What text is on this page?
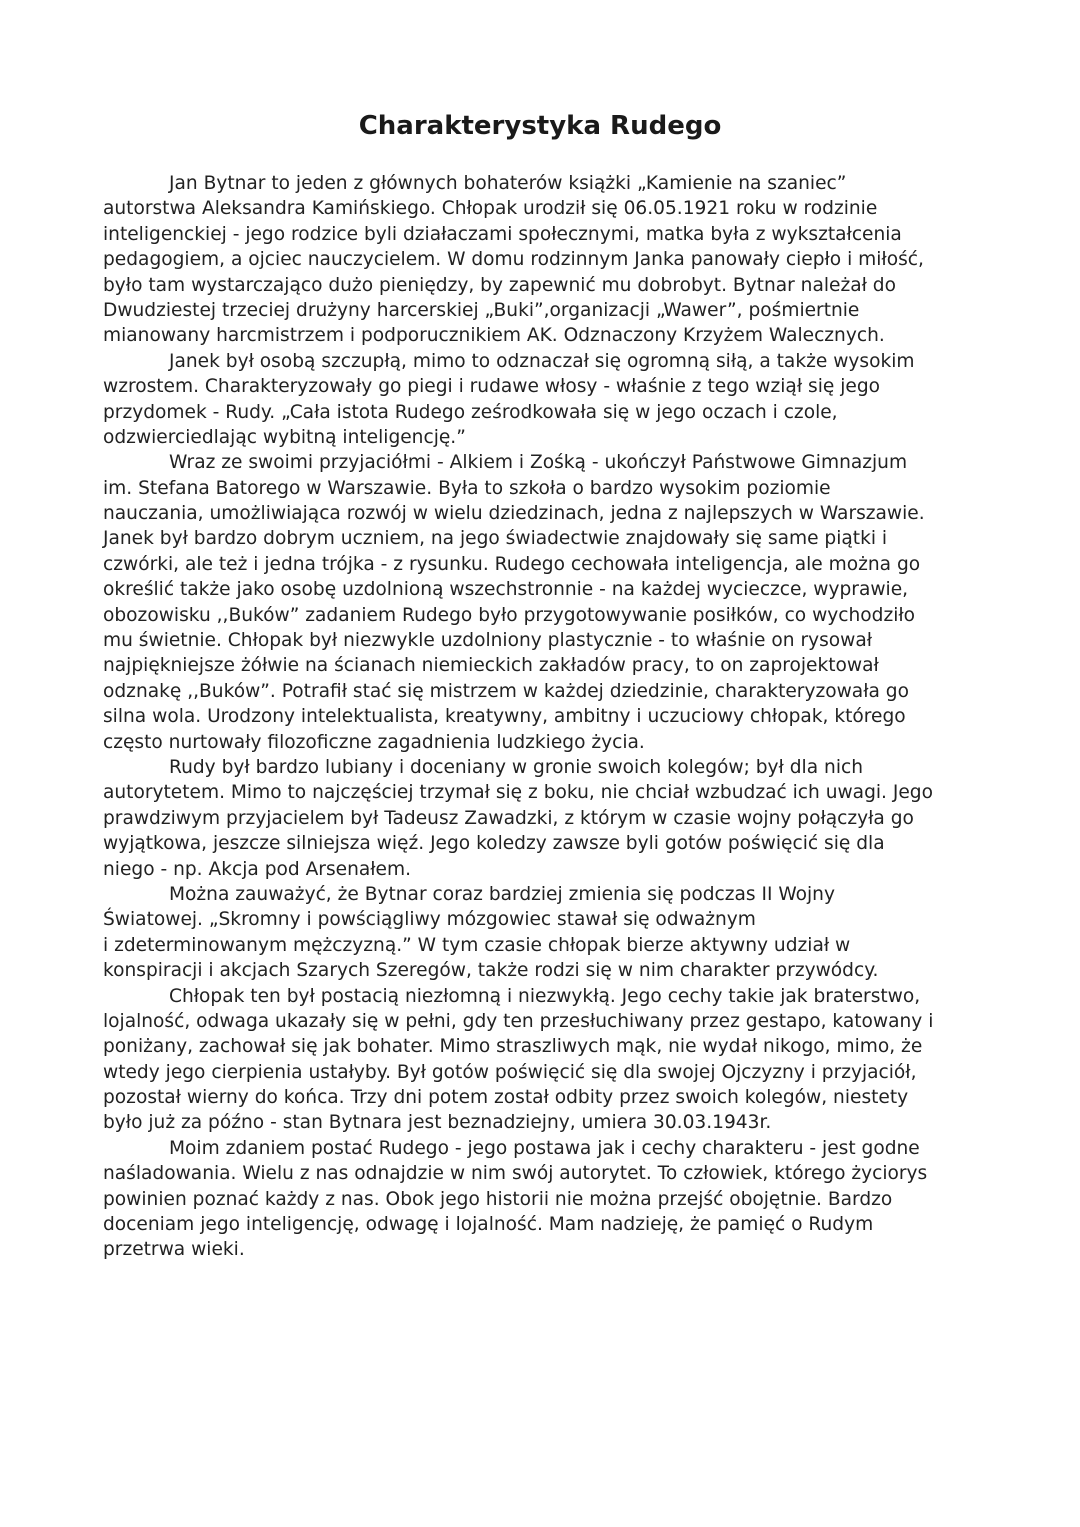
Charakterystyka Rudego
Jan Bytnar to jeden z głównych bohaterów książki „Kamienie na szaniec”
autorstwa Aleksandra Kamińskiego. Chłopak urodził się 06.05.1921 roku w rodzinie
inteligenckiej - jego rodzice byli działaczami społecznymi, matka była z wykształcenia
pedagogiem, a ojciec nauczycielem. W domu rodzinnym Janka panowały ciepło i miłość,
było tam wystarczająco dużo pieniędzy, by zapewnić mu dobrobyt. Bytnar należał do
Dwudziestej trzeciej drużyny harcerskiej „Buki”,organizacji „Wawer”, pośmiertnie
mianowany harcmistrzem i podporucznikiem AK. Odznaczony Krzyżem Walecznych.
Janek był osobą szczupłą, mimo to odznaczał się ogromną siłą, a także wysokim
wzrostem. Charakteryzowały go piegi i rudawe włosy - właśnie z tego wziął się jego
przydomek - Rudy. „Cała istota Rudego ześrodkowała się w jego oczach i czole,
odzwierciedlając wybitną inteligencję.”
Wraz ze swoimi przyjaciółmi - Alkiem i Zośką - ukończył Państwowe Gimnazjum
im. Stefana Batorego w Warszawie. Była to szkoła o bardzo wysokim poziomie
nauczania, umożliwiająca rozwój w wielu dziedzinach, jedna z najlepszych w Warszawie.
Janek był bardzo dobrym uczniem, na jego świadectwie znajdowały się same piątki i
czwórki, ale też i jedna trójka - z rysunku. Rudego cechowała inteligencja, ale można go
określić także jako osobę uzdolnioną wszechstronnie - na każdej wycieczce, wyprawie,
obozowisku ,,Buków” zadaniem Rudego było przygotowywanie posiłków, co wychodziło
mu świetnie. Chłopak był niezwykle uzdolniony plastycznie - to właśnie on rysował
najpiękniejsze żółwie na ścianach niemieckich zakładów pracy, to on zaprojektował
odznakę ,,Buków”. Potrafił stać się mistrzem w każdej dziedzinie, charakteryzowała go
silna wola. Urodzony intelektualista, kreatywny, ambitny i uczuciowy chłopak, którego
często nurtowały filozoficzne zagadnienia ludzkiego życia.
Rudy był bardzo lubiany i doceniany w gronie swoich kolegów; był dla nich
autorytetem. Mimo to najczęściej trzymał się z boku, nie chciał wzbudzać ich uwagi. Jego
prawdziwym przyjacielem był Tadeusz Zawadzki, z którym w czasie wojny połączyła go
wyjątkowa, jeszcze silniejsza więź. Jego koledzy zawsze byli gotów poświęcić się dla
niego - np. Akcja pod Arsenałem.
Można zauważyć, że Bytnar coraz bardziej zmienia się podczas II Wojny
Światowej. „Skromny i powściągliwy mózgowiec stawał się odważnym
i zdeterminowanym mężczyzną.” W tym czasie chłopak bierze aktywny udział w
konspiracji i akcjach Szarych Szeregów, także rodzi się w nim charakter przywódcy.
Chłopak ten był postacią niezłomną i niezwykłą. Jego cechy takie jak braterstwo,
lojalność, odwaga ukazały się w pełni, gdy ten przesłuchiwany przez gestapo, katowany i
poniżany, zachował się jak bohater. Mimo straszliwych mąk, nie wydał nikogo, mimo, że
wtedy jego cierpienia ustałyby. Był gotów poświęcić się dla swojej Ojczyzny i przyjaciół,
pozostał wierny do końca. Trzy dni potem został odbity przez swoich kolegów, niestety
było już za późno - stan Bytnara jest beznadziejny, umiera 30.03.1943r.
Moim zdaniem postać Rudego - jego postawa jak i cechy charakteru - jest godne
naśladowania. Wielu z nas odnajdzie w nim swój autorytet. To człowiek, którego życiorys
powinien poznać każdy z nas. Obok jego historii nie można przejść obojętnie. Bardzo
doceniam jego inteligencję, odwagę i lojalność. Mam nadzieję, że pamięć o Rudym
przetrwa wieki.
